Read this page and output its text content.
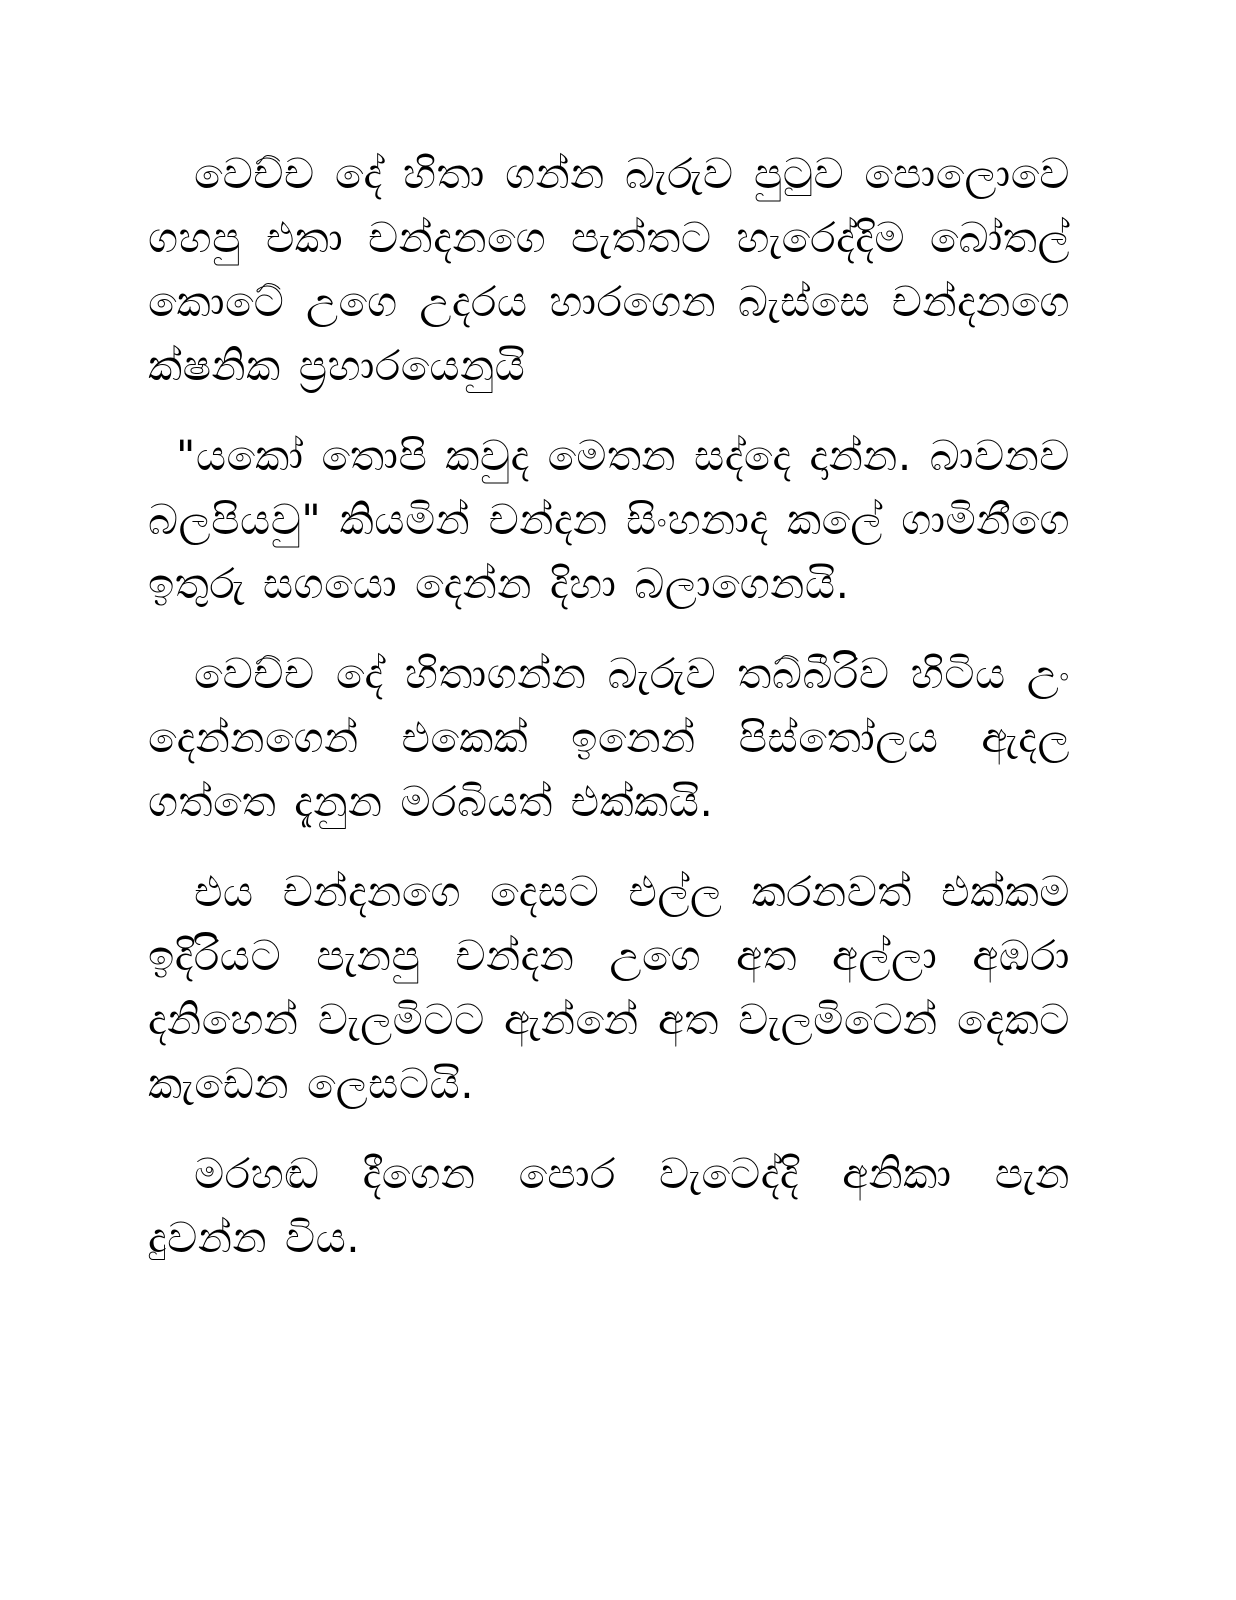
වෙච්ච දේ හිතා ගන්න බැරුව පුටුව පොලොවෙ ගහපු එකා චන්දනගෙ පැත්තට හැරෙද්දිම බෝතල් කොටේ උගෙ උදරය හාරගෙන බැස්සෙ චන්දනගෙ ක්ෂනික ප්‍රහාරයෙනුයි

"යකෝ තොපි කවුද මෙතන සද්දෙ දාන්න. බාවනව බලපියවු" කියමින් චන්දන සිංහනාද කලේ ගාමිනීගෙ ඉතුරු සගයො දෙන්න දිහා බලාගෙනයි.

වෙච්ච දේ හිතාගන්න බැරුව තබ්බීරිව හිටිය උං දෙන්නගෙන් එකෙක් ඉනෙන් පිස්තෝලය ඇදල ගත්තෙ දැනුන මරබියත් එක්කයි.

එය චන්දනගෙ දෙසට එල්ල කරනවත් එක්කම ඉදිරියට පැනපු චන්දන උගෙ අත අල්ලා අඹරා දනිහෙන් වැලමිටට ඇන්නේ අත වැලමිටෙන් දෙකට කැඩෙන ලෙසටයි.

මරහඬ දීගෙන පොර වැටෙද්දි අනිකා පැන දුවන්න විය.
